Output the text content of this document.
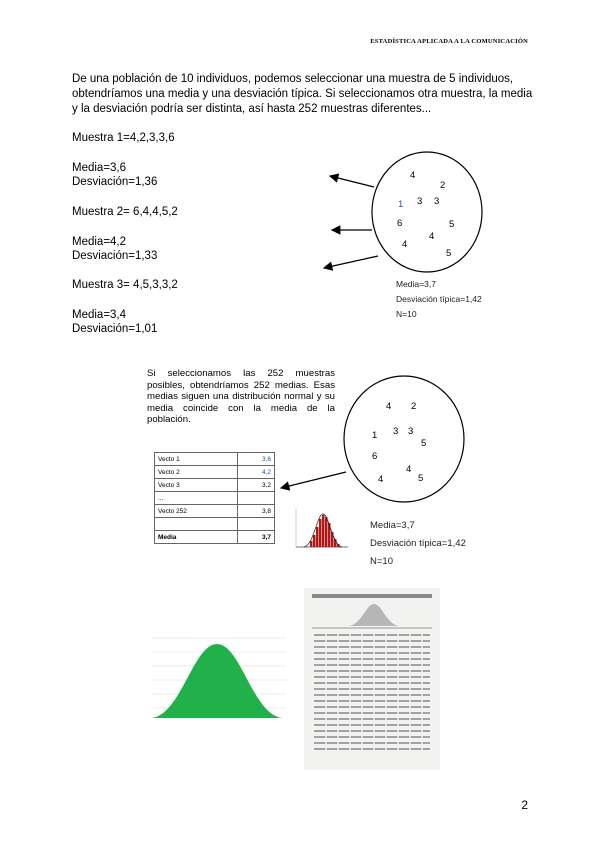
ESTADÍSTICA APLICADA A LA COMUNICACIÓN
De una población de 10 individuos, podemos seleccionar una muestra de 5 individuos, obtendríamos una media y una desviación típica. Si seleccionamos otra muestra, la media y la desviación podría ser distinta, así hasta 252 muestras diferentes...
Muestra 1=4,2,3,3,6
Media=3,6
Desviación=1,36
Muestra 2= 6,4,4,5,2
Media=4,2
Desviación=1,33
Muestra 3= 4,5,3,3,2
Media=3,4
Desviación=1,01
4
2
1 3 3
6	5
4
4
5
Media=3,7
Desviación típica=1,42
N=10
Si seleccionamos las 252 muestras posibles, obtendríamos 252 medias. Esas medias siguen una distribución normal y su media coincide con la media de la población.
4 2
1 3 3
5
6
4
4	5
Vecto 1	3,6
Vecto 2	4,2
Vecto 3	3,2
...	
Vecto 252	3,8

Media	3,7
Media=3,7
Desviación típica=1,42
N=10
2
